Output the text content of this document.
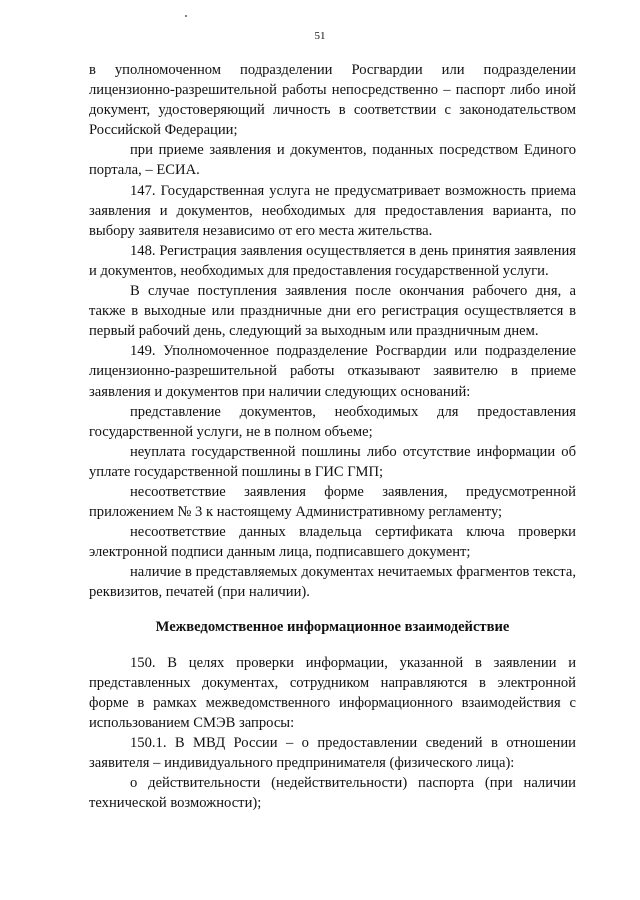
51

в уполномоченном подразделении Росгвардии или подразделении лицензионно-разрешительной работы непосредственно – паспорт либо иной документ, удостоверяющий личность в соответствии с законодательством Российской Федерации;

при приеме заявления и документов, поданных посредством Единого портала, – ЕСИА.

147. Государственная услуга не предусматривает возможность приема заявления и документов, необходимых для предоставления варианта, по выбору заявителя независимо от его места жительства.

148. Регистрация заявления осуществляется в день принятия заявления и документов, необходимых для предоставления государственной услуги.

В случае поступления заявления после окончания рабочего дня, а также в выходные или праздничные дни его регистрация осуществляется в первый рабочий день, следующий за выходным или праздничным днем.

149. Уполномоченное подразделение Росгвардии или подразделение лицензионно-разрешительной работы отказывают заявителю в приеме заявления и документов при наличии следующих оснований:

представление документов, необходимых для предоставления государственной услуги, не в полном объеме;

неуплата государственной пошлины либо отсутствие информации об уплате государственной пошлины в ГИС ГМП;

несоответствие заявления форме заявления, предусмотренной приложением № 3 к настоящему Административному регламенту;

несоответствие данных владельца сертификата ключа проверки электронной подписи данным лица, подписавшего документ;

наличие в представляемых документах нечитаемых фрагментов текста, реквизитов, печатей (при наличии).

Межведомственное информационное взаимодействие

150. В целях проверки информации, указанной в заявлении и представленных документах, сотрудником направляются в электронной форме в рамках межведомственного информационного взаимодействия с использованием СМЭВ запросы:

150.1. В МВД России – о предоставлении сведений в отношении заявителя – индивидуального предпринимателя (физического лица):

о действительности (недействительности) паспорта (при наличии технической возможности);
